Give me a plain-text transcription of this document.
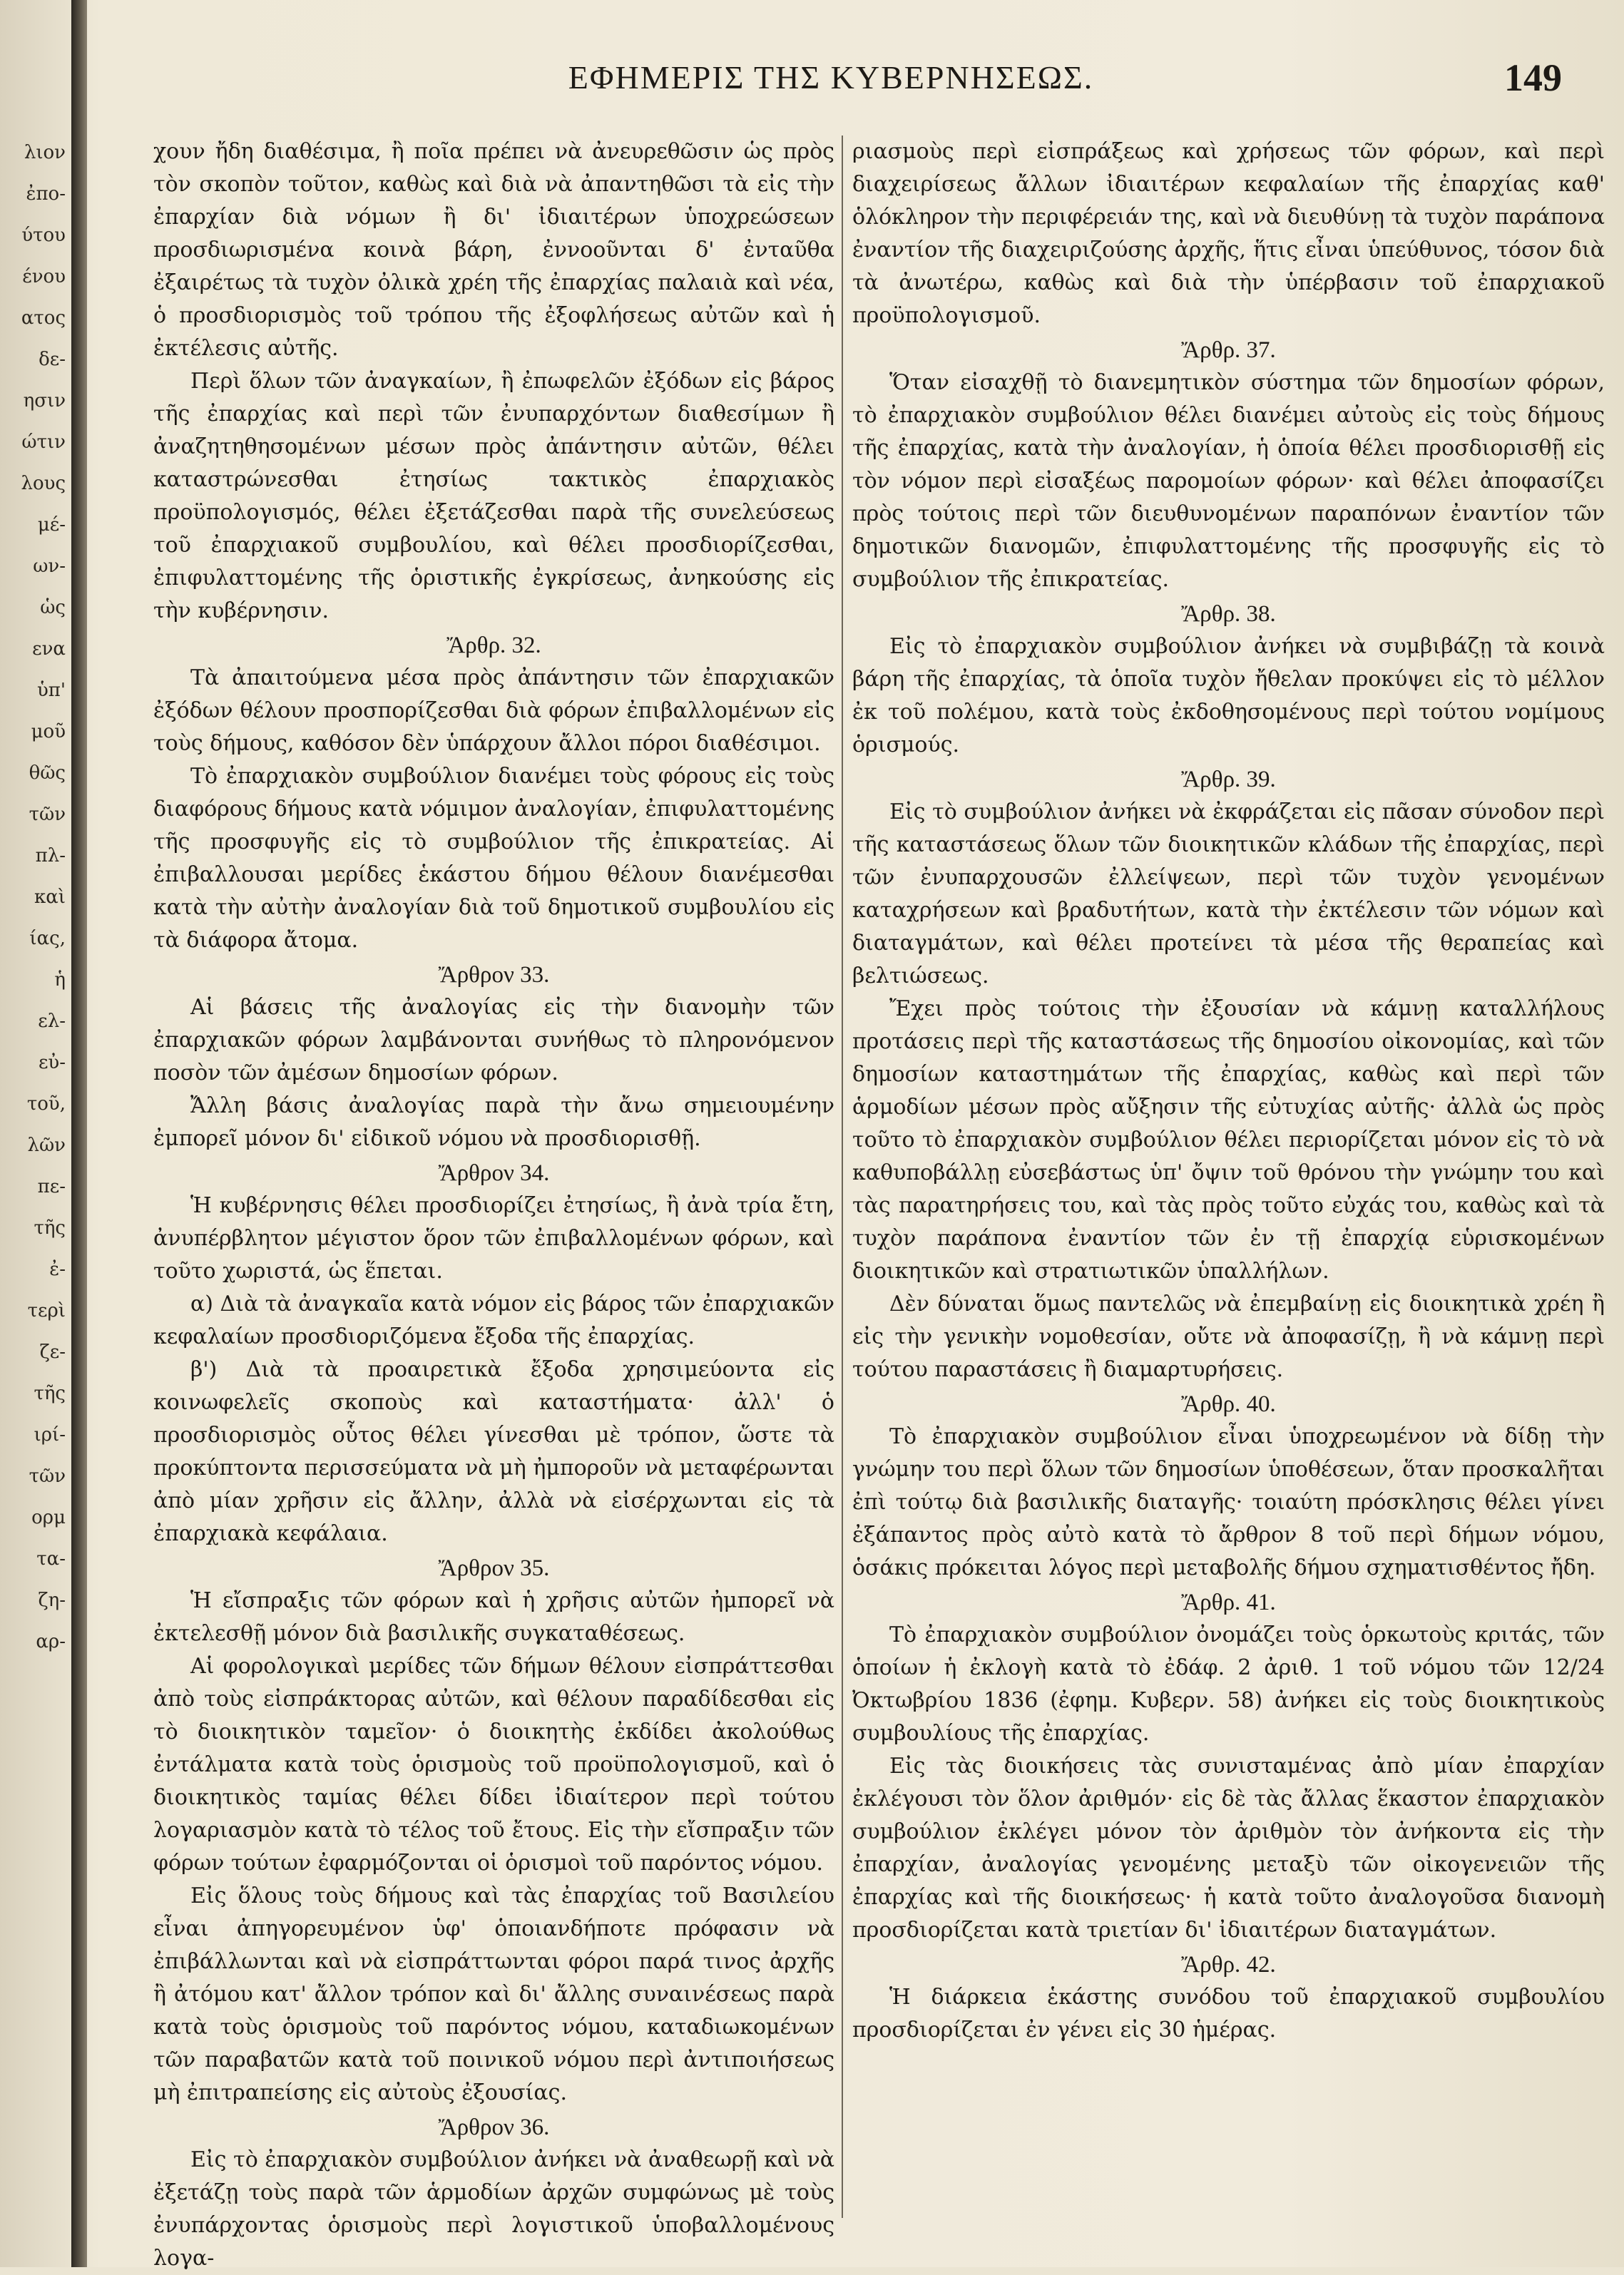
λιον
ἐπο-
ύτου
ένου
ατος
δε-
ησιν
ώτιν
λους
μέ-
ων-
ὡς
ενα
ὑπ'
μοῦ
θῶς
τῶν
πλ-
καὶ
ίας,
ἡ
ελ-
εὐ-
τοῦ,
λῶν
πε-
τῆς
ἐ-
τερὶ
ζε-
τῆς
ιρί-
τῶν
ορμ
τα-
ζη-
αρ-
ΕΦΗΜΕΡΙΣ ΤΗΣ ΚΥΒΕΡΝΗΣΕΩΣ.	149

χουν ἤδη διαθέσιμα, ἢ ποῖα πρέπει νὰ ἀνευρεθῶσιν ὡς πρὸς τὸν σκοπὸν τοῦτον, καθὼς καὶ διὰ νὰ ἀπαντηθῶσι τὰ εἰς τὴν ἐπαρχίαν διὰ νόμων ἢ δι' ἰδιαιτέρων ὑποχρεώσεων προσδιωρισμένα κοινὰ βάρη, ἐννοοῦνται δ' ἐνταῦθα ἐξαιρέτως τὰ τυχὸν ὀλικὰ χρέη τῆς ἐπαρχίας παλαιὰ καὶ νέα, ὁ προσδιορισμὸς τοῦ τρόπου τῆς ἐξοφλήσεως αὐτῶν καὶ ἡ ἐκτέλεσις αὐτῆς.

Περὶ ὅλων τῶν ἀναγκαίων, ἢ ἐπωφελῶν ἐξόδων εἰς βάρος τῆς ἐπαρχίας καὶ περὶ τῶν ἐνυπαρχόντων διαθεσίμων ἢ ἀναζητηθησομένων μέσων πρὸς ἀπάντησιν αὐτῶν, θέλει καταστρώνεσθαι ἐτησίως τακτικὸς ἐπαρχιακὸς προϋπολογισμός, θέλει ἐξετάζεσθαι παρὰ τῆς συνελεύσεως τοῦ ἐπαρχιακοῦ συμβουλίου, καὶ θέλει προσδιορίζεσθαι, ἐπιφυλαττομένης τῆς ὁριστικῆς ἐγκρίσεως, ἀνηκούσης εἰς τὴν κυβέρνησιν.

Ἄρθρ. 32.

Τὰ ἀπαιτούμενα μέσα πρὸς ἀπάντησιν τῶν ἐπαρχιακῶν ἐξόδων θέλουν προσπορίζεσθαι διὰ φόρων ἐπιβαλλομένων εἰς τοὺς δήμους, καθόσον δὲν ὑπάρχουν ἄλλοι πόροι διαθέσιμοι.

Τὸ ἐπαρχιακὸν συμβούλιον διανέμει τοὺς φόρους εἰς τοὺς διαφόρους δήμους κατὰ νόμιμον ἀναλογίαν, ἐπιφυλαττομένης τῆς προσφυγῆς εἰς τὸ συμβούλιον τῆς ἐπικρατείας. Αἱ ἐπιβαλλουσαι μερίδες ἑκάστου δήμου θέλουν διανέμεσθαι κατὰ τὴν αὐτὴν ἀναλογίαν διὰ τοῦ δημοτικοῦ συμβουλίου εἰς τὰ διάφορα ἄτομα.

Ἄρθρον 33.

Αἱ βάσεις τῆς ἀναλογίας εἰς τὴν διανομὴν τῶν ἐπαρχιακῶν φόρων λαμβάνονται συνήθως τὸ πληρονόμενον ποσὸν τῶν ἀμέσων δημοσίων φόρων.

Ἄλλη βάσις ἀναλογίας παρὰ τὴν ἄνω σημειουμένην ἐμπορεῖ μόνον δι' εἰδικοῦ νόμου νὰ προσδιορισθῇ.

Ἄρθρον 34.

Ἡ κυβέρνησις θέλει προσδιορίζει ἐτησίως, ἢ ἀνὰ τρία ἔτη, ἀνυπέρβλητον μέγιστον ὅρον τῶν ἐπιβαλλομένων φόρων, καὶ τοῦτο χωριστά, ὡς ἕπεται.

α) Διὰ τὰ ἀναγκαῖα κατὰ νόμον εἰς βάρος τῶν ἐπαρχιακῶν κεφαλαίων προσδιοριζόμενα ἔξοδα τῆς ἐπαρχίας.

β') Διὰ τὰ προαιρετικὰ ἔξοδα χρησιμεύοντα εἰς κοινωφελεῖς σκοποὺς καὶ καταστήματα· ἀλλ' ὁ προσδιορισμὸς οὗτος θέλει γίνεσθαι μὲ τρόπον, ὥστε τὰ προκύπτοντα περισσεύματα νὰ μὴ ἠμποροῦν νὰ μεταφέρωνται ἀπὸ μίαν χρῆσιν εἰς ἄλλην, ἀλλὰ νὰ εἰσέρχωνται εἰς τὰ ἐπαρχιακὰ κεφάλαια.

Ἄρθρον 35.

Ἡ εἴσπραξις τῶν φόρων καὶ ἡ χρῆσις αὐτῶν ἠμπορεῖ νὰ ἐκτελεσθῇ μόνον διὰ βασιλικῆς συγκαταθέσεως.

Αἱ φορολογικαὶ μερίδες τῶν δήμων θέλουν εἰσπράττεσθαι ἀπὸ τοὺς εἰσπράκτορας αὐτῶν, καὶ θέλουν παραδίδεσθαι εἰς τὸ διοικητικὸν ταμεῖον· ὁ διοικητὴς ἐκδίδει ἀκολούθως ἐντάλματα κατὰ τοὺς ὁρισμοὺς τοῦ προϋπολογισμοῦ, καὶ ὁ διοικητικὸς ταμίας θέλει δίδει ἰδιαίτερον περὶ τούτου λογαριασμὸν κατὰ τὸ τέλος τοῦ ἔτους. Εἰς τὴν εἴσπραξιν τῶν φόρων τούτων ἐφαρμόζονται οἱ ὁρισμοὶ τοῦ παρόντος νόμου.

Εἰς ὅλους τοὺς δήμους καὶ τὰς ἐπαρχίας τοῦ Βασιλείου εἶναι ἀπηγορευμένον ὑφ' ὁποιανδήποτε πρόφασιν νὰ ἐπιβάλλωνται καὶ νὰ εἰσπράττωνται φόροι παρά τινος ἀρχῆς ἢ ἀτόμου κατ' ἄλλον τρόπον καὶ δι' ἄλλης συναινέσεως παρὰ κατὰ τοὺς ὁρισμοὺς τοῦ παρόντος νόμου, καταδιωκομένων τῶν παραβατῶν κατὰ τοῦ ποινικοῦ νόμου περὶ ἀντιποιήσεως μὴ ἐπιτραπείσης εἰς αὐτοὺς ἐξουσίας.

Ἄρθρον 36.

Εἰς τὸ ἐπαρχιακὸν συμβούλιον ἀνήκει νὰ ἀναθεωρῇ καὶ νὰ ἐξετάζῃ τοὺς παρὰ τῶν ἁρμοδίων ἀρχῶν συμφώνως μὲ τοὺς ἐνυπάρχοντας ὁρισμοὺς περὶ λογιστικοῦ ὑποβαλλομένους λογα-

ριασμοὺς περὶ εἰσπράξεως καὶ χρήσεως τῶν φόρων, καὶ περὶ διαχειρίσεως ἄλλων ἰδιαιτέρων κεφαλαίων τῆς ἐπαρχίας καθ' ὁλόκληρον τὴν περιφέρειάν της, καὶ νὰ διευθύνῃ τὰ τυχὸν παράπονα ἐναντίον τῆς διαχειριζούσης ἀρχῆς, ἥτις εἶναι ὑπεύθυνος, τόσον διὰ τὰ ἀνωτέρω, καθὼς καὶ διὰ τὴν ὑπέρβασιν τοῦ ἐπαρχιακοῦ προϋπολογισμοῦ.

Ἄρθρ. 37.

Ὅταν εἰσαχθῇ τὸ διανεμητικὸν σύστημα τῶν δημοσίων φόρων, τὸ ἐπαρχιακὸν συμβούλιον θέλει διανέμει αὐτοὺς εἰς τοὺς δήμους τῆς ἐπαρχίας, κατὰ τὴν ἀναλογίαν, ἡ ὁποία θέλει προσδιορισθῇ εἰς τὸν νόμον περὶ εἰσαξέως παρομοίων φόρων· καὶ θέλει ἀποφασίζει πρὸς τούτοις περὶ τῶν διευθυνομένων παραπόνων ἐναντίον τῶν δημοτικῶν διανομῶν, ἐπιφυλαττομένης τῆς προσφυγῆς εἰς τὸ συμβούλιον τῆς ἐπικρατείας.

Ἄρθρ. 38.

Εἰς τὸ ἐπαρχιακὸν συμβούλιον ἀνήκει νὰ συμβιβάζῃ τὰ κοινὰ βάρη τῆς ἐπαρχίας, τὰ ὁποῖα τυχὸν ἤθελαν προκύψει εἰς τὸ μέλλον ἐκ τοῦ πολέμου, κατὰ τοὺς ἐκδοθησομένους περὶ τούτου νομίμους ὁρισμούς.

Ἄρθρ. 39.

Εἰς τὸ συμβούλιον ἀνήκει νὰ ἐκφράζεται εἰς πᾶσαν σύνοδον περὶ τῆς καταστάσεως ὅλων τῶν διοικητικῶν κλάδων τῆς ἐπαρχίας, περὶ τῶν ἐνυπαρχουσῶν ἐλλείψεων, περὶ τῶν τυχὸν γενομένων καταχρήσεων καὶ βραδυτήτων, κατὰ τὴν ἐκτέλεσιν τῶν νόμων καὶ διαταγμάτων, καὶ θέλει προτείνει τὰ μέσα τῆς θεραπείας καὶ βελτιώσεως.

Ἔχει πρὸς τούτοις τὴν ἐξουσίαν νὰ κάμνῃ καταλλήλους προτάσεις περὶ τῆς καταστάσεως τῆς δημοσίου οἰκονομίας, καὶ τῶν δημοσίων καταστημάτων τῆς ἐπαρχίας, καθὼς καὶ περὶ τῶν ἁρμοδίων μέσων πρὸς αὔξησιν τῆς εὐτυχίας αὐτῆς· ἀλλὰ ὡς πρὸς τοῦτο τὸ ἐπαρχιακὸν συμβούλιον θέλει περιορίζεται μόνον εἰς τὸ νὰ καθυποβάλλῃ εὐσεβάστως ὑπ' ὄψιν τοῦ θρόνου τὴν γνώμην του καὶ τὰς παρατηρήσεις του, καὶ τὰς πρὸς τοῦτο εὐχάς του, καθὼς καὶ τὰ τυχὸν παράπονα ἐναντίον τῶν ἐν τῇ ἐπαρχίᾳ εὑρισκομένων διοικητικῶν καὶ στρατιωτικῶν ὑπαλλήλων.

Δὲν δύναται ὅμως παντελῶς νὰ ἐπεμβαίνῃ εἰς διοικητικὰ χρέη ἢ εἰς τὴν γενικὴν νομοθεσίαν, οὔτε νὰ ἀποφασίζῃ, ἢ νὰ κάμνῃ περὶ τούτου παραστάσεις ἢ διαμαρτυρήσεις.

Ἄρθρ. 40.

Τὸ ἐπαρχιακὸν συμβούλιον εἶναι ὑποχρεωμένον νὰ δίδῃ τὴν γνώμην του περὶ ὅλων τῶν δημοσίων ὑποθέσεων, ὅταν προσκαλῆται ἐπὶ τούτῳ διὰ βασιλικῆς διαταγῆς· τοιαύτη πρόσκλησις θέλει γίνει ἐξάπαντος πρὸς αὐτὸ κατὰ τὸ ἄρθρον 8 τοῦ περὶ δήμων νόμου, ὁσάκις πρόκειται λόγος περὶ μεταβολῆς δήμου σχηματισθέντος ἤδη.

Ἄρθρ. 41.

Τὸ ἐπαρχιακὸν συμβούλιον ὀνομάζει τοὺς ὁρκωτοὺς κριτάς, τῶν ὁποίων ἡ ἐκλογὴ κατὰ τὸ ἐδάφ. 2 ἀριθ. 1 τοῦ νόμου τῶν 12/24 Ὀκτωβρίου 1836 (ἐφημ. Κυβερν. 58) ἀνήκει εἰς τοὺς διοικητικοὺς συμβουλίους τῆς ἐπαρχίας.

Εἰς τὰς διοικήσεις τὰς συνισταμένας ἀπὸ μίαν ἐπαρχίαν ἐκλέγουσι τὸν ὅλον ἀριθμόν· εἰς δὲ τὰς ἄλλας ἕκαστον ἐπαρχιακὸν συμβούλιον ἐκλέγει μόνον τὸν ἀριθμὸν τὸν ἀνήκοντα εἰς τὴν ἐπαρχίαν, ἀναλογίας γενομένης μεταξὺ τῶν οἰκογενειῶν τῆς ἐπαρχίας καὶ τῆς διοικήσεως· ἡ κατὰ τοῦτο ἀναλογοῦσα διανομὴ προσδιορίζεται κατὰ τριετίαν δι' ἰδιαιτέρων διαταγμάτων.

Ἄρθρ. 42.

Ἡ διάρκεια ἑκάστης συνόδου τοῦ ἐπαρχιακοῦ συμβουλίου προσδιορίζεται ἐν γένει εἰς 30 ἡμέρας.
